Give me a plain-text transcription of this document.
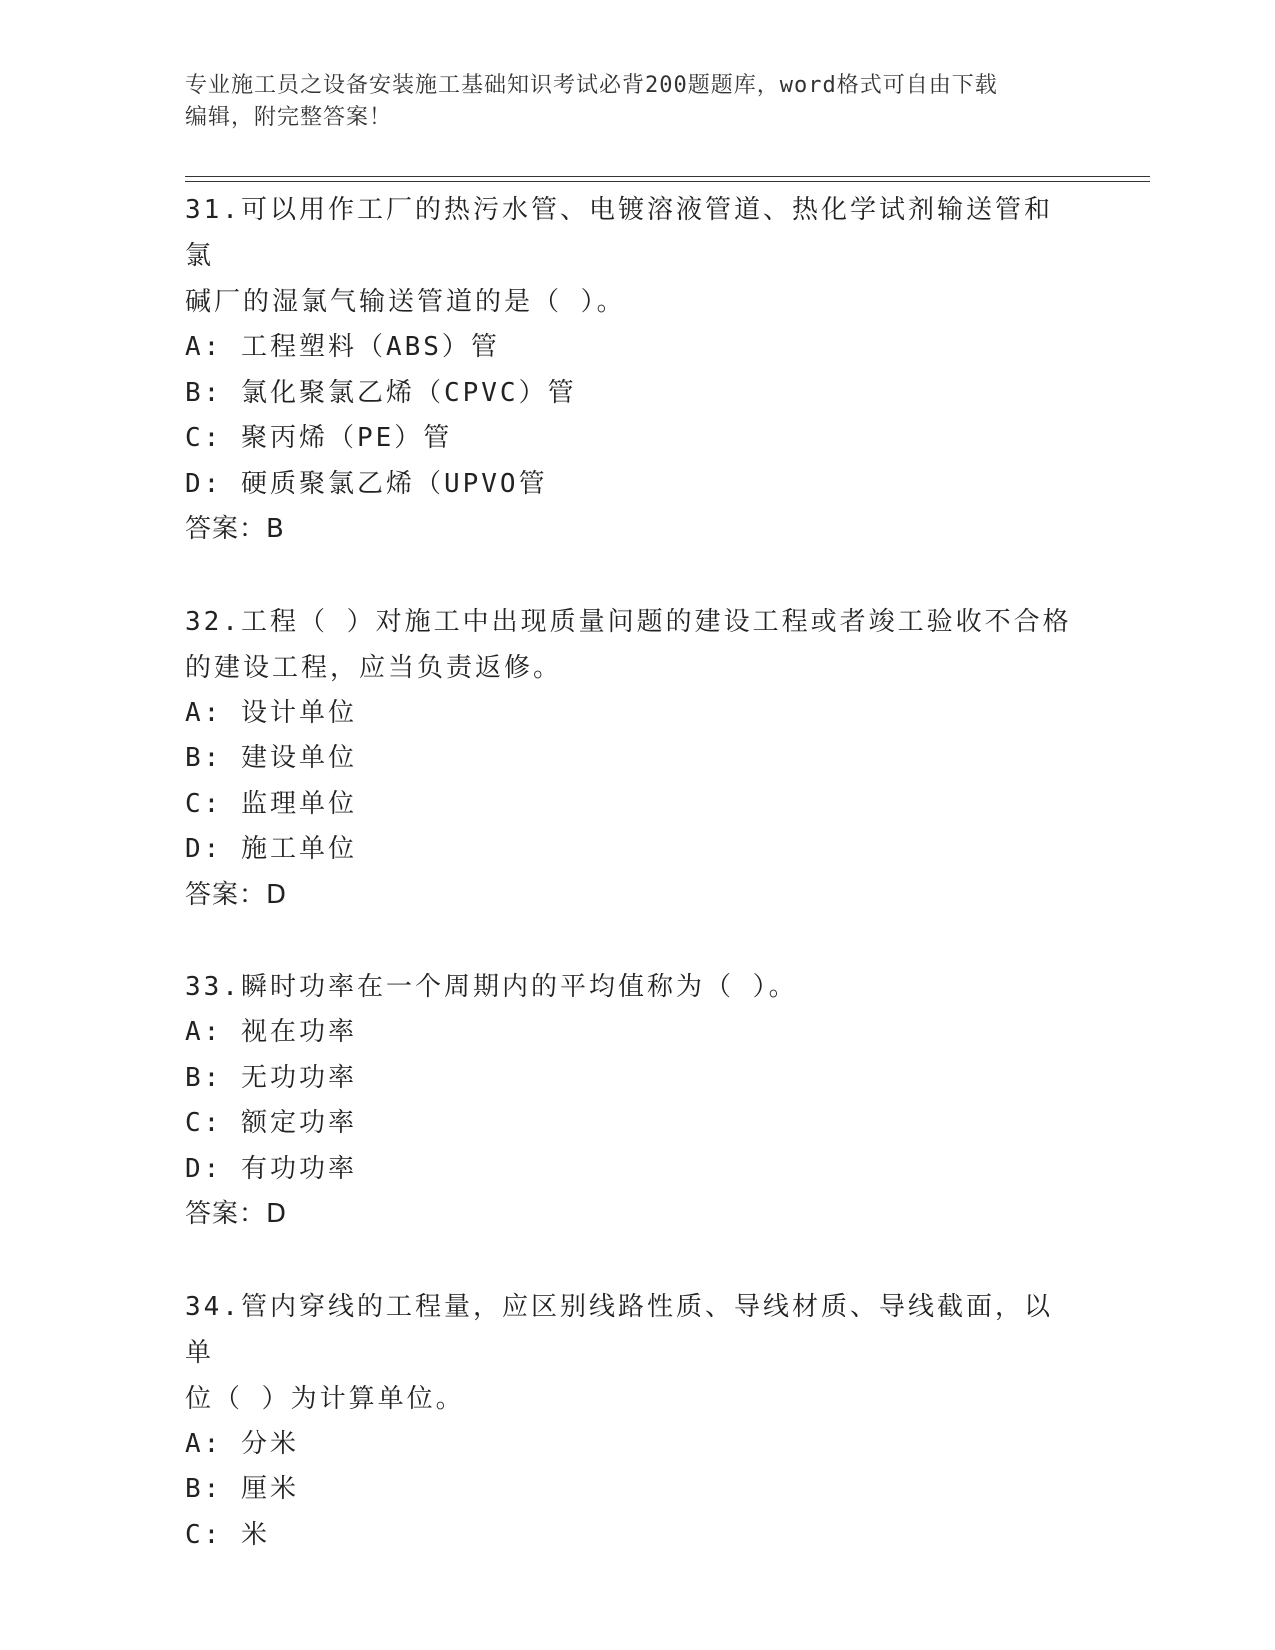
专业施工员之设备安装施工基础知识考试必背200题题库，word格式可自由下载
编辑，附完整答案！

31.可以用作工厂的热污水管、电镀溶液管道、热化学试剂输送管和氯

碱厂的湿氯气输送管道的是（ ）。

A: 工程塑料（ABS）管

B: 氯化聚氯乙烯（CPVC）管

C: 聚丙烯（PE）管

D: 硬质聚氯乙烯（UPVO管

答案：B

32.工程（ ）对施工中出现质量问题的建设工程或者竣工验收不合格

的建设工程，应当负责返修。

A: 设计单位

B: 建设单位

C: 监理单位

D: 施工单位

答案：D

33.瞬时功率在一个周期内的平均值称为（ ）。

A: 视在功率

B: 无功功率

C: 额定功率

D: 有功功率

答案：D

34.管内穿线的工程量，应区别线路性质、导线材质、导线截面，以单

位（ ）为计算单位。

A: 分米

B: 厘米

C: 米
